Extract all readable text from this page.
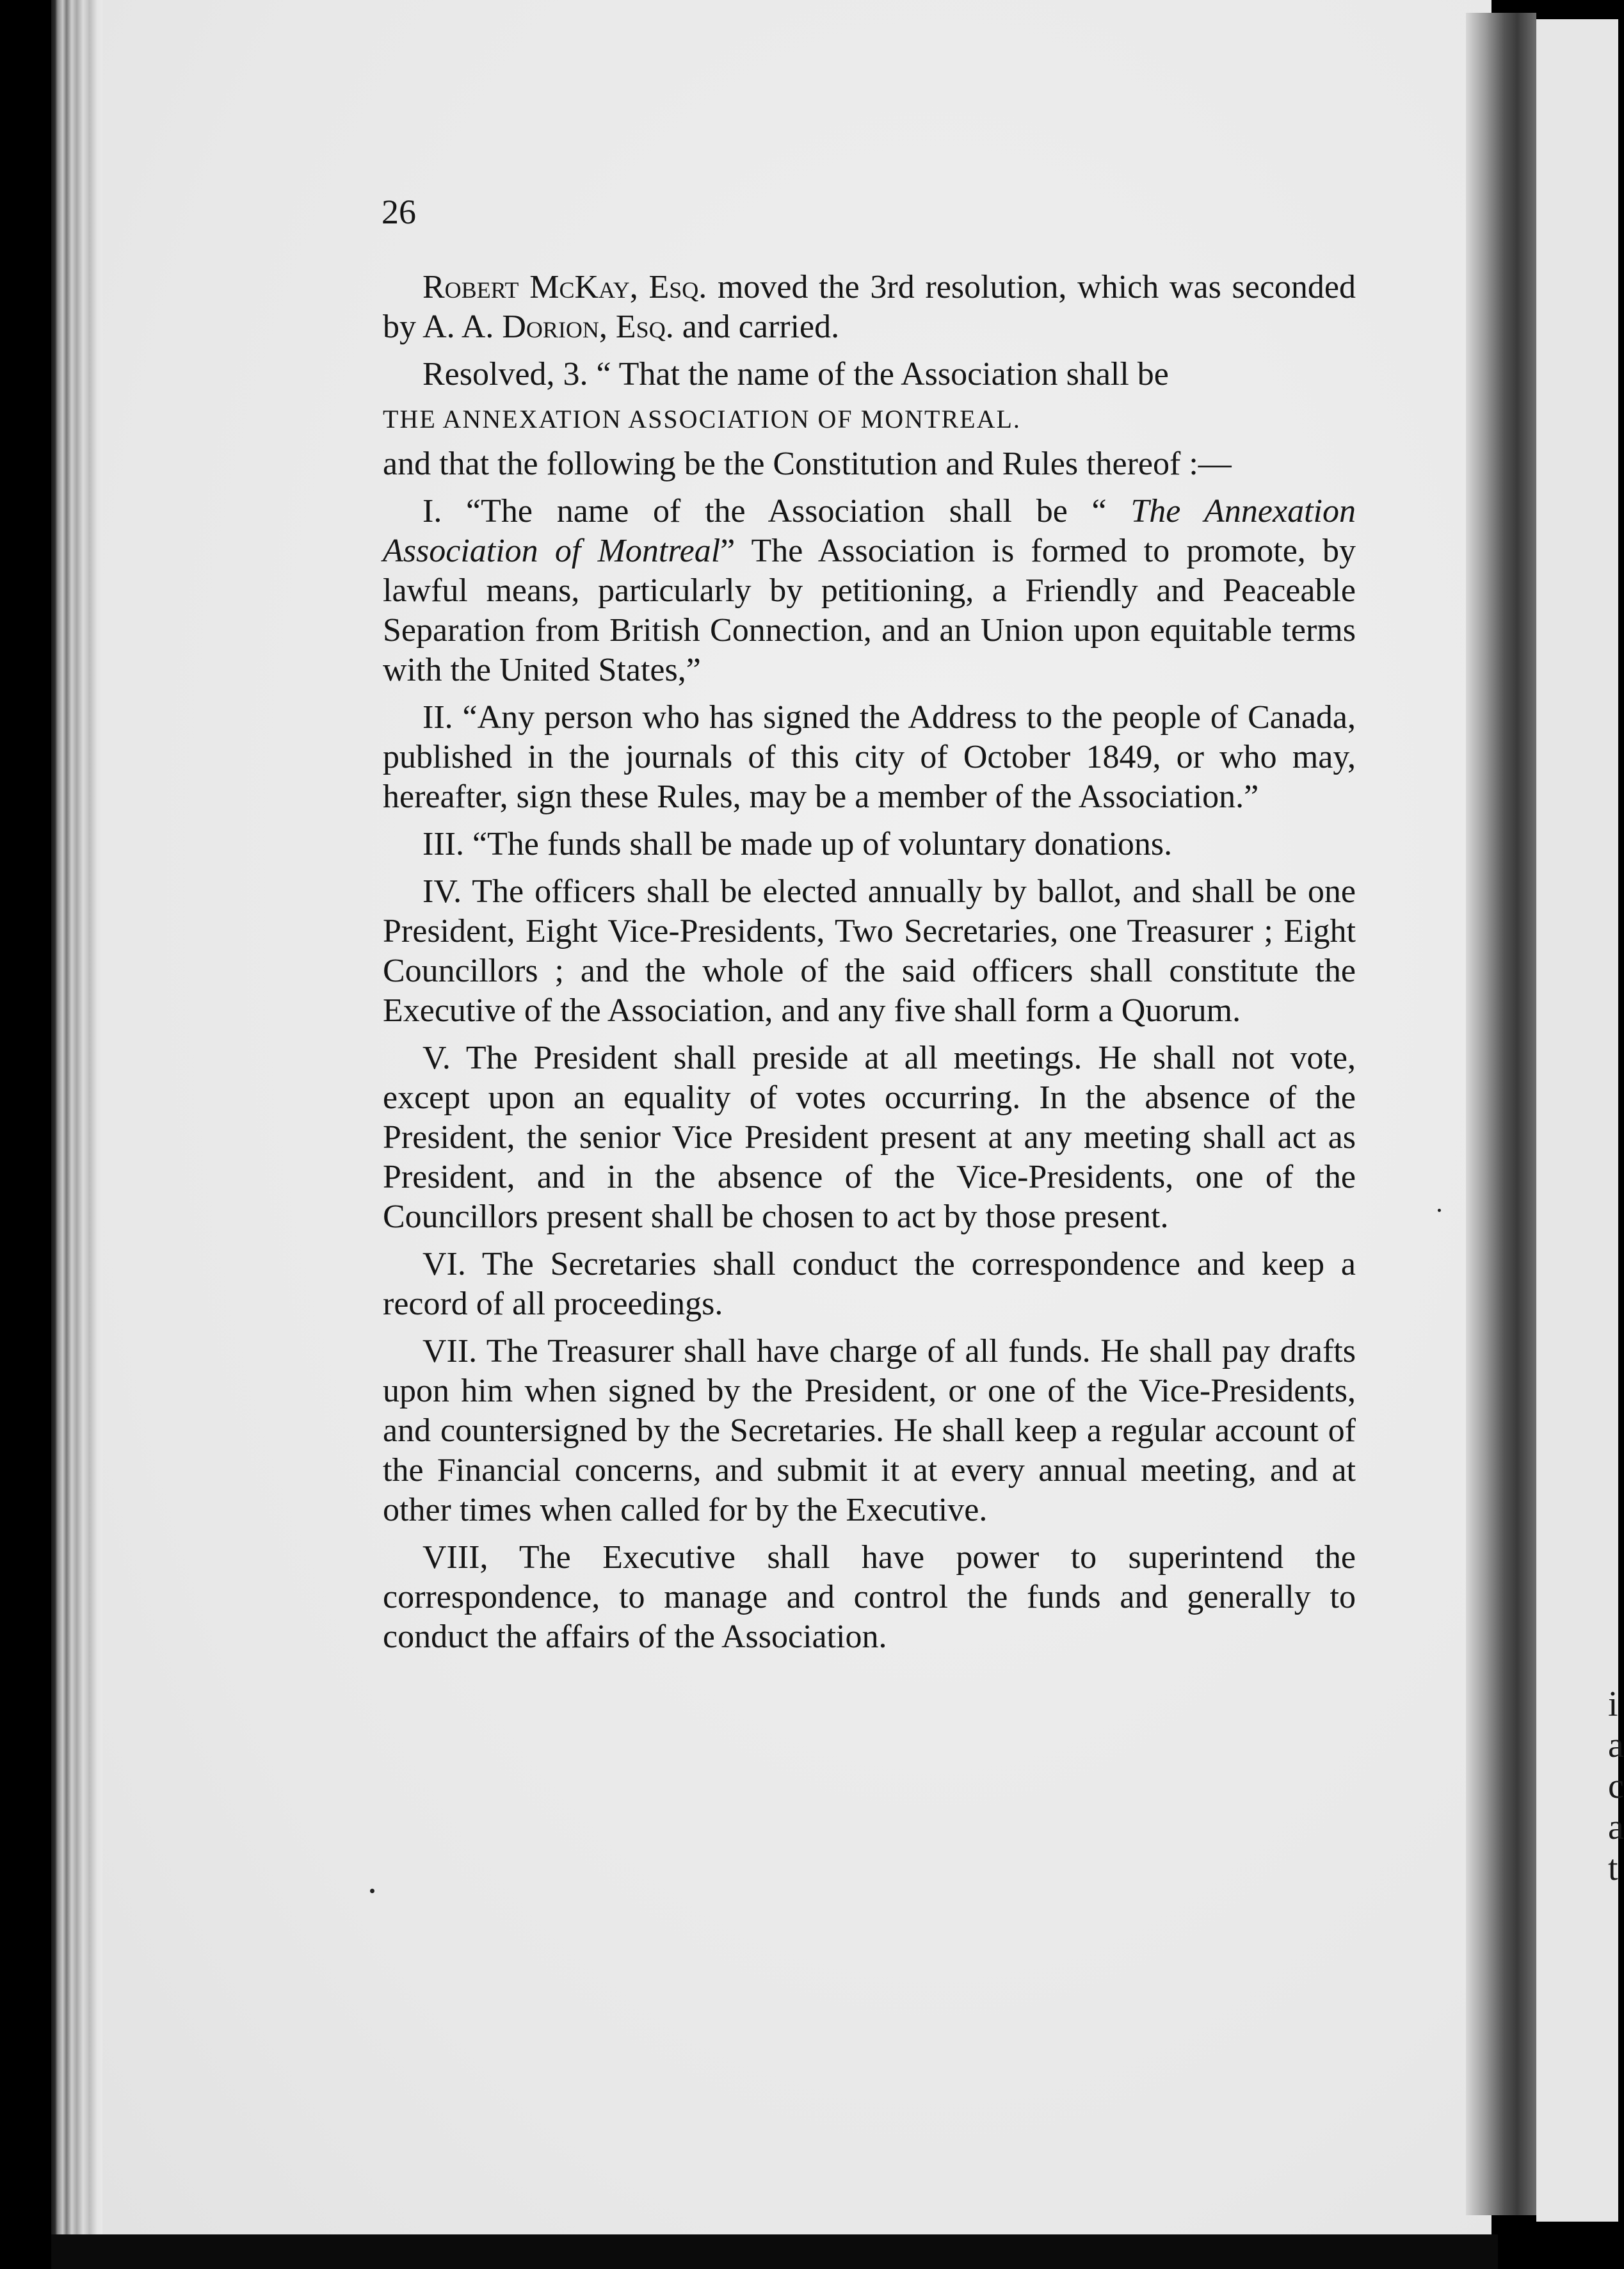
i
a
c
a
t
26

Robert McKay, Esq. moved the 3rd resolution, which was seconded by A. A. Dorion, Esq. and carried.

Resolved, 3. “ That the name of the Association shall be

THE ANNEXATION ASSOCIATION OF MONTREAL.

and that the following be the Constitution and Rules thereof :—

I. “The name of the Association shall be “ The Annexation Association of Montreal” The Association is formed to promote, by lawful means, particularly by petitioning, a Friendly and Peaceable Separation from British Connection, and an Union upon equitable terms with the United States,”

II. “Any person who has signed the Address to the people of Canada, published in the journals of this city of October 1849, or who may, hereafter, sign these Rules, may be a member of the Association.”

III. “The funds shall be made up of voluntary donations.

IV. The officers shall be elected annually by ballot, and shall be one President, Eight Vice-Presidents, Two Secretaries, one Treasurer ; Eight Councillors ; and the whole of the said officers shall constitute the Executive of the Association, and any five shall form a Quorum.

V. The President shall preside at all meetings. He shall not vote, except upon an equality of votes occurring. In the absence of the President, the senior Vice President present at any meeting shall act as President, and in the absence of the Vice-Presidents, one of the Councillors present shall be chosen to act by those present.

VI. The Secretaries shall conduct the correspondence and keep a record of all proceedings.

VII. The Treasurer shall have charge of all funds. He shall pay drafts upon him when signed by the President, or one of the Vice-Presidents, and countersigned by the Secretaries. He shall keep a regular account of the Financial concerns, and submit it at every annual meeting, and at other times when called for by the Executive.

VIII, The Executive shall have power to superintend the correspondence, to manage and control the funds and generally to conduct the affairs of the Association.
